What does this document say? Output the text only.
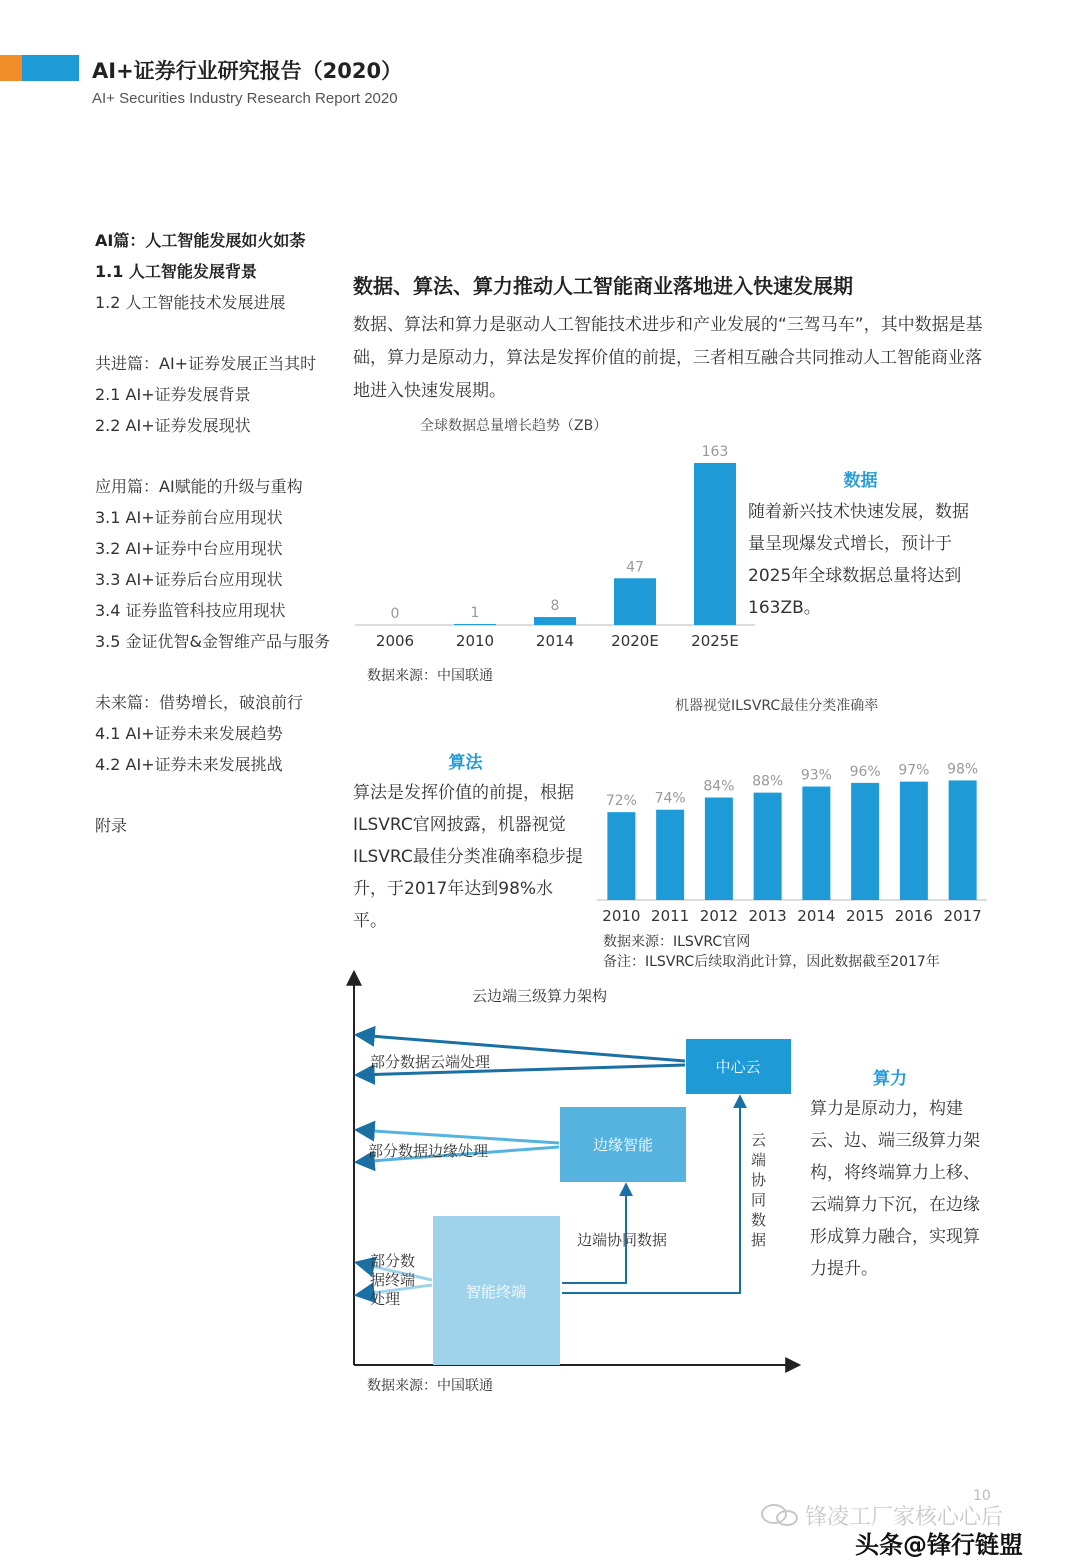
AI+证券行业研究报告（2020）
AI+ Securities Industry Research Report 2020
AI篇：人工智能发展如火如荼
1.1 人工智能发展背景
1.2 人工智能技术发展进展
共进篇：AI+证券发展正当其时
2.1 AI+证券发展背景
2.2 AI+证券发展现状
应用篇：AI赋能的升级与重构
3.1 AI+证券前台应用现状
3.2 AI+证券中台应用现状
3.3 AI+证券后台应用现状
3.4 证券监管科技应用现状
3.5 金证优智&金智维产品与服务
未来篇：借势增长，破浪前行
4.1 AI+证券未来发展趋势
4.2 AI+证券未来发展挑战
附录
数据、算法、算力推动人工智能商业落地进入快速发展期
数据、算法和算力是驱动人工智能技术进步和产业发展的“三驾马车”，其中数据是基础，算力是原动力，算法是发挥价值的前提，三者相互融合共同推动人工智能商业落地进入快速发展期。
全球数据总量增长趋势（ZB）
0
2006
1
2010
8
2014
47
2020E
163
2025E
数据来源：中国联通
数据
随着新兴技术快速发展，数据量呈现爆发式增长，预计于2025年全球数据总量将达到163ZB。
算法
算法是发挥价值的前提，根据ILSVRC官网披露，机器视觉ILSVRC最佳分类准确率稳步提升，于2017年达到98%水平。
机器视觉ILSVRC最佳分类准确率
72%
2010
74%
2011
84%
2012
88%
2013
93%
2014
96%
2015
97%
2016
98%
2017
数据来源：ILSVRC官网
备注：ILSVRC后续取消此计算，因此数据截至2017年
云边端三级算力架构
中心云
部分数据云端处理
边缘智能
部分数据边缘处理
智能终端
部分数 据终端 处理
边端协同数据
云
端
协
同
数
据
数据来源：中国联通
算力
算力是原动力，构建云、边、端三级算力架构，将终端算力上移、云端算力下沉，在边缘形成算力融合，实现算力提升。
锋凌工厂家核心心后
10
头条@锋行链盟
